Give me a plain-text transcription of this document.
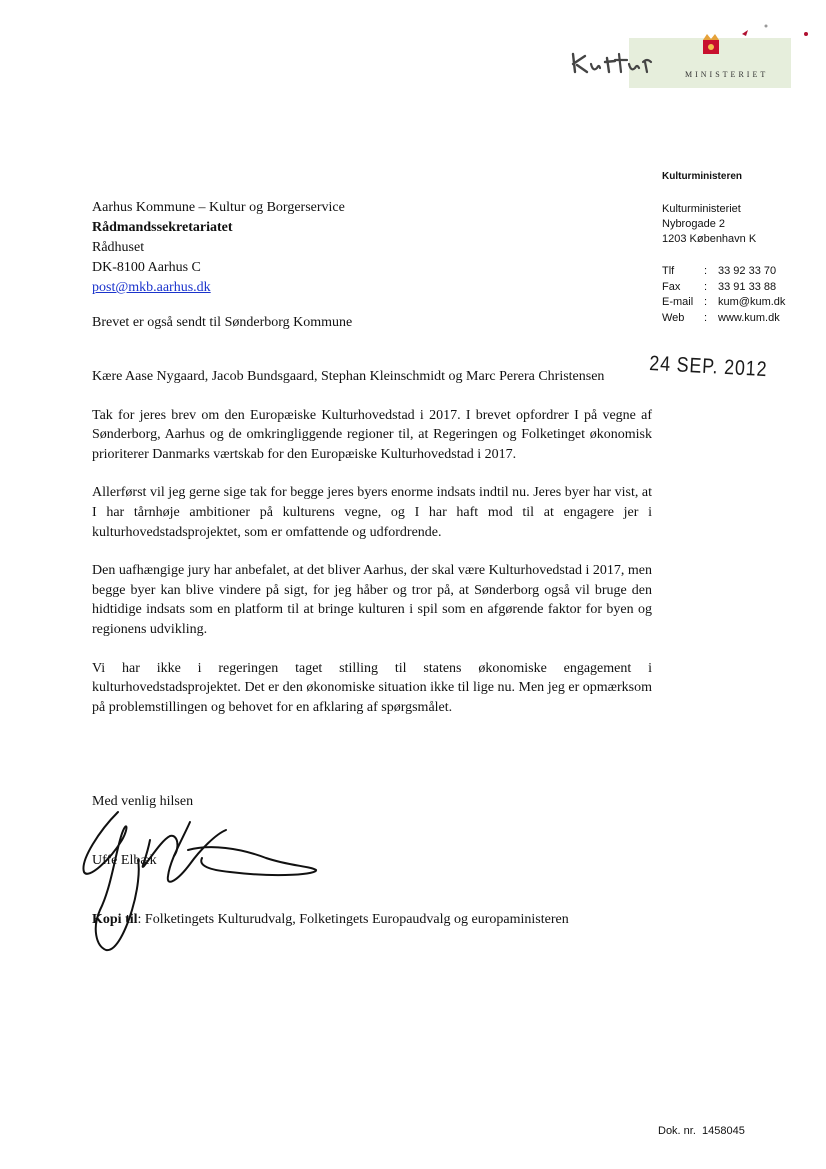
MINISTERIET
Kulturministeren
Kulturministeriet
Nybrogade 2
1203 København K
Tlf	: 33 92 33 70
Fax	: 33 91 33 88
E-mail : kum@kum.dk
Web	: www.kum.dk
Aarhus Kommune – Kultur og Borgerservice
Rådmandssekretariatet
Rådhuset
DK-8100 Aarhus C
post@mkb.aarhus.dk
Brevet er også sendt til Sønderborg Kommune
24 SEP. 2012

Kære Aase Nygaard, Jacob Bundsgaard, Stephan Kleinschmidt og Marc Perera Christensen

Tak for jeres brev om den Europæiske Kulturhovedstad i 2017. I brevet opfordrer I på vegne af Sønderborg, Aarhus og de omkringliggende regioner til, at Regeringen og Folketinget økonomisk prioriterer Danmarks værtskab for den Europæiske Kulturhovedstad i 2017.

Allerførst vil jeg gerne sige tak for begge jeres byers enorme indsats indtil nu. Jeres byer har vist, at I har tårnhøje ambitioner på kulturens vegne, og I har haft mod til at engagere jer i kulturhovedstadsprojektet, som er omfattende og udfordrende.

Den uafhængige jury har anbefalet, at det bliver Aarhus, der skal være Kulturhovedstad i 2017, men begge byer kan blive vindere på sigt, for jeg håber og tror på, at Sønderborg også vil bruge den hidtidige indsats som en platform til at bringe kulturen i spil som en afgørende faktor for byen og regionens udvikling.

Vi har ikke i regeringen taget stilling til statens økonomiske engagement i kulturhovedstadsprojektet. Det er den økonomiske situation ikke til lige nu. Men jeg er opmærksom på problemstillingen og behovet for en afklaring af spørgsmålet.

Med venlig hilsen
Uffe Elbæk
Kopi til: Folketingets Kulturudvalg, Folketingets Europaudvalg og europaministeren
Dok. nr. 1458045
